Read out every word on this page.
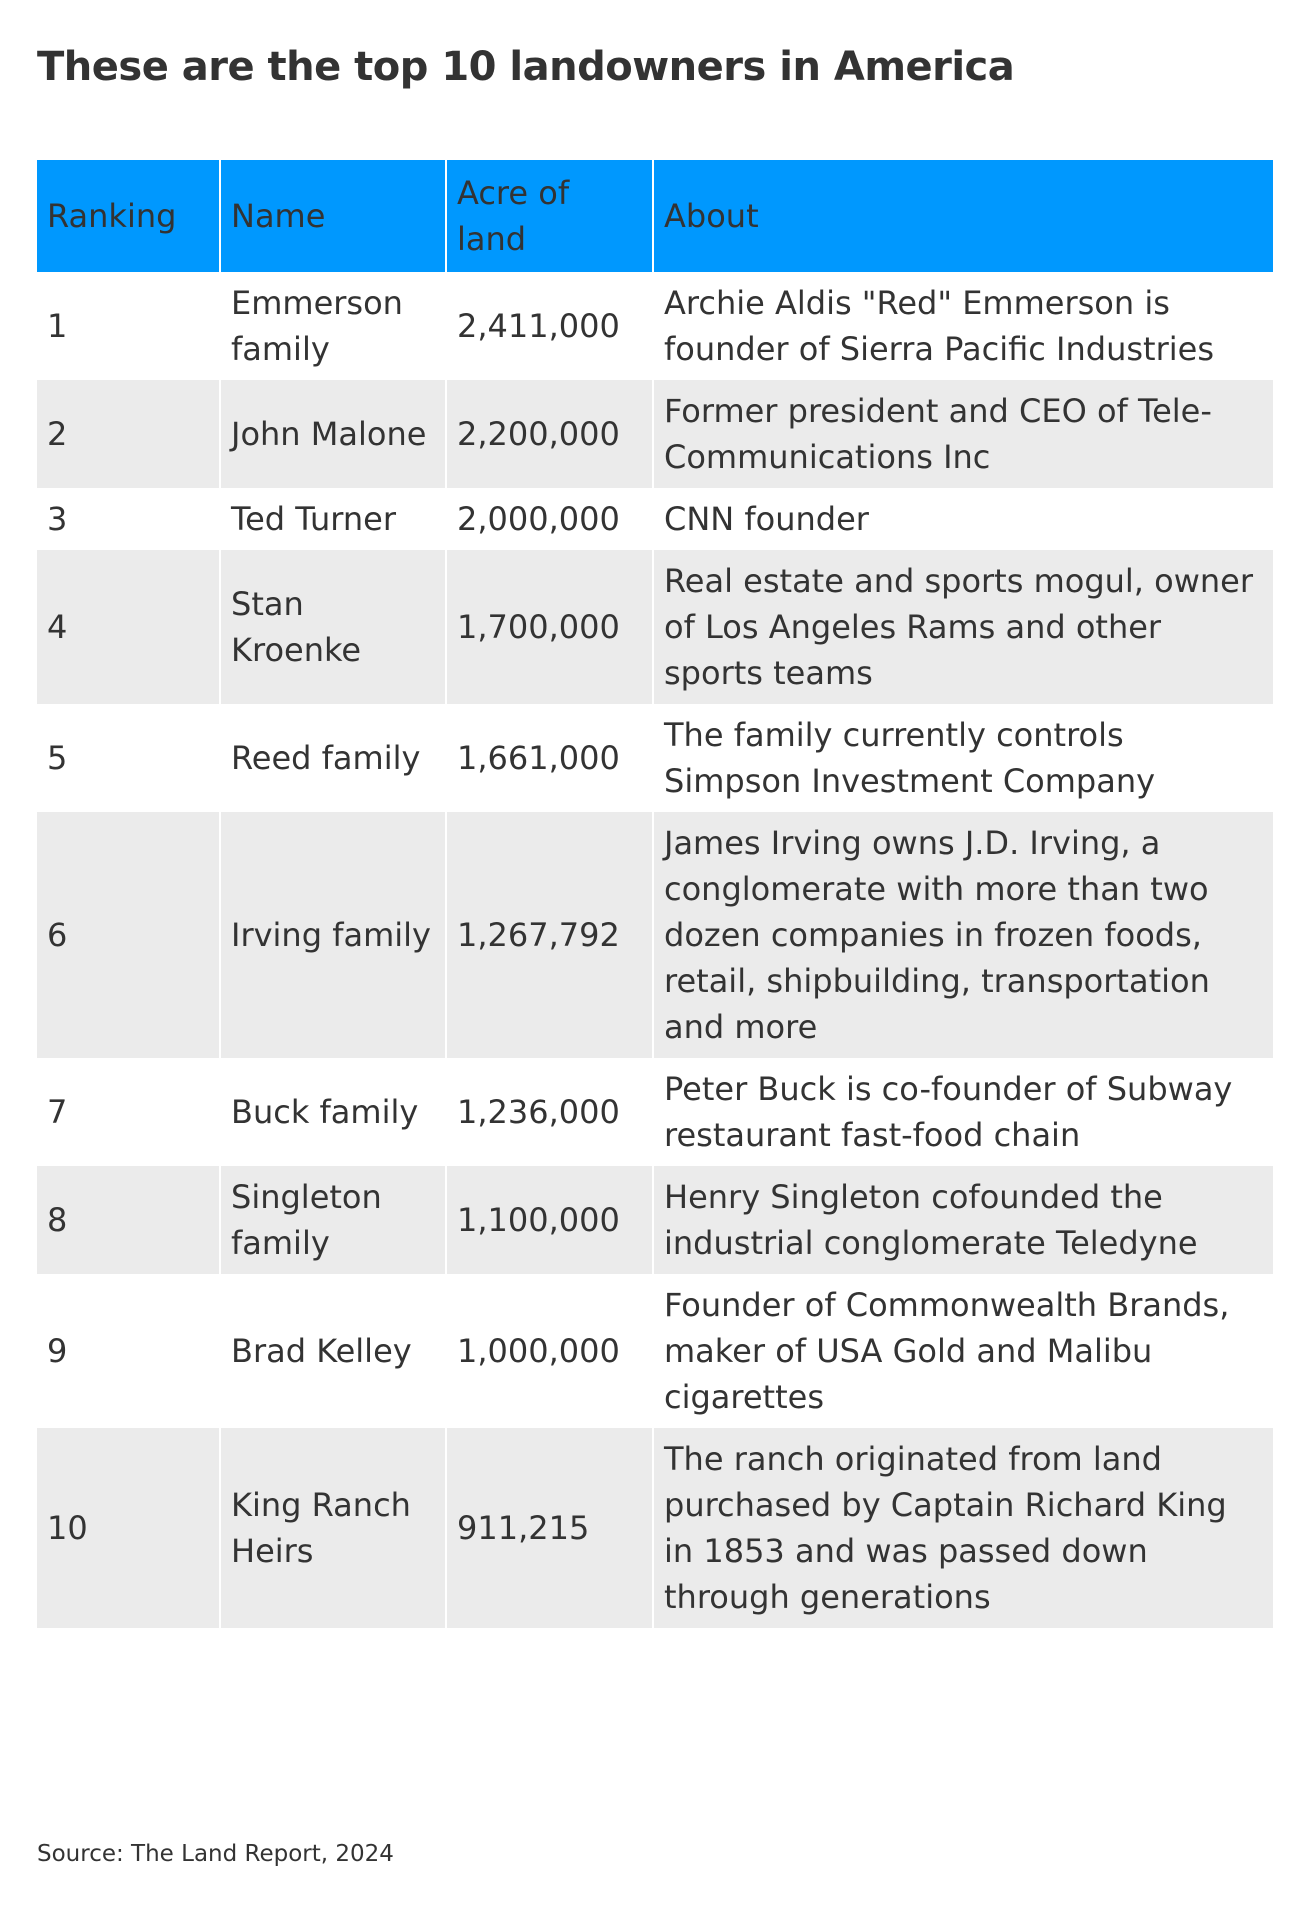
These are the top 10 landowners in America
Ranking	Name	Acre of land	About
1	Emmerson family	2,411,000	Archie Aldis "Red" Emmerson is founder of Sierra Pacific Industries
2	John Malone	2,200,000	Former president and CEO of Tele-Communications Inc
3	Ted Turner	2,000,000	CNN founder
4	Stan Kroenke	1,700,000	Real estate and sports mogul, owner of Los Angeles Rams and other sports teams
5	Reed family	1,661,000	The family currently controls Simpson Investment Company
6	Irving family	1,267,792	James Irving owns J.D. Irving, a conglomerate with more than two dozen companies in frozen foods, retail, shipbuilding, transportation and more
7	Buck family	1,236,000	Peter Buck is co-founder of Subway restaurant fast-food chain
8	Singleton family	1,100,000	Henry Singleton cofounded the industrial conglomerate Teledyne
9	Brad Kelley	1,000,000	Founder of Commonwealth Brands, maker of USA Gold and Malibu cigarettes
10	King Ranch Heirs	911,215	The ranch originated from land purchased by Captain Richard King in 1853 and was passed down through generations
Source: The Land Report, 2024
